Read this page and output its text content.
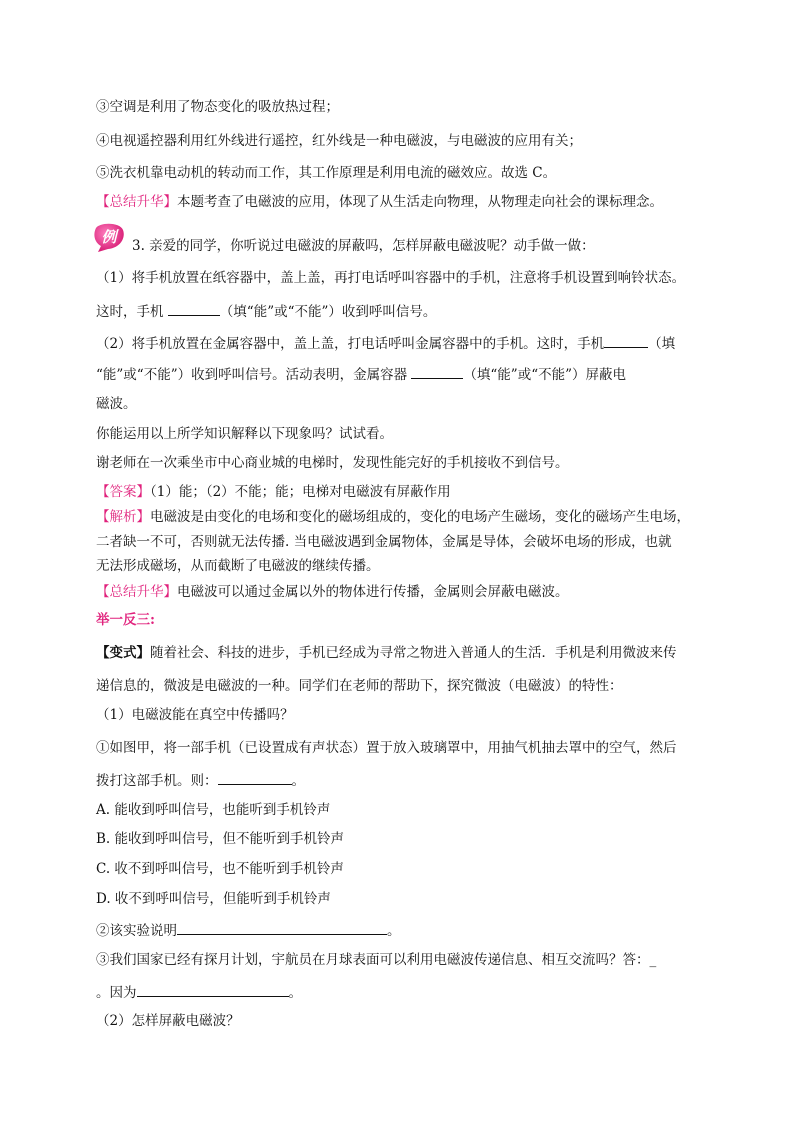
③空调是利用了物态变化的吸放热过程；
④电视遥控器利用红外线进行遥控，红外线是一种电磁波，与电磁波的应用有关；
⑤洗衣机靠电动机的转动而工作，其工作原理是利用电流的磁效应。故选 C。
【总结升华】本题考查了电磁波的应用，体现了从生活走向物理，从物理走向社会的课标理念。
例 3. 亲爱的同学，你听说过电磁波的屏蔽吗，怎样屏蔽电磁波呢？动手做一做：
（1）将手机放置在纸容器中，盖上盖，再打电话呼叫容器中的手机，注意将手机设置到响铃状态。
这时，手机	（填“能”或“不能”）收到呼叫信号。
（2）将手机放置在金属容器中，盖上盖，打电话呼叫金属容器中的手机。这时，手机	（填
“能”或“不能”）收到呼叫信号。活动表明，金属容器	（填“能”或“不能”）屏蔽电
磁波。
你能运用以上所学知识解释以下现象吗？试试看。
谢老师在一次乘坐市中心商业城的电梯时，发现性能完好的手机接收不到信号。
【答案】（1）能；（2）不能；能；电梯对电磁波有屏蔽作用
【解析】电磁波是由变化的电场和变化的磁场组成的，变化的电场产生磁场，变化的磁场产生电场，
二者缺一不可，否则就无法传播. 当电磁波遇到金属物体，金属是导体，会破坏电场的形成，也就
无法形成磁场，从而截断了电磁波的继续传播。
【总结升华】电磁波可以通过金属以外的物体进行传播，金属则会屏蔽电磁波。
举一反三:
【变式】随着社会、科技的进步，手机已经成为寻常之物进入普通人的生活．手机是利用微波来传
递信息的，微波是电磁波的一种。同学们在老师的帮助下，探究微波（电磁波）的特性：
（1）电磁波能在真空中传播吗？
①如图甲，将一部手机（已设置成有声状态）置于放入玻璃罩中，用抽气机抽去罩中的空气，然后
拨打这部手机。则：	。
A. 能收到呼叫信号，也能听到手机铃声
B. 能收到呼叫信号，但不能听到手机铃声
C. 收不到呼叫信号，也不能听到手机铃声
D. 收不到呼叫信号，但能听到手机铃声
②该实验说明	。
③我们国家已经有探月计划，宇航员在月球表面可以利用电磁波传递信息、相互交流吗？答：_
。因为	。
（2）怎样屏蔽电磁波？
